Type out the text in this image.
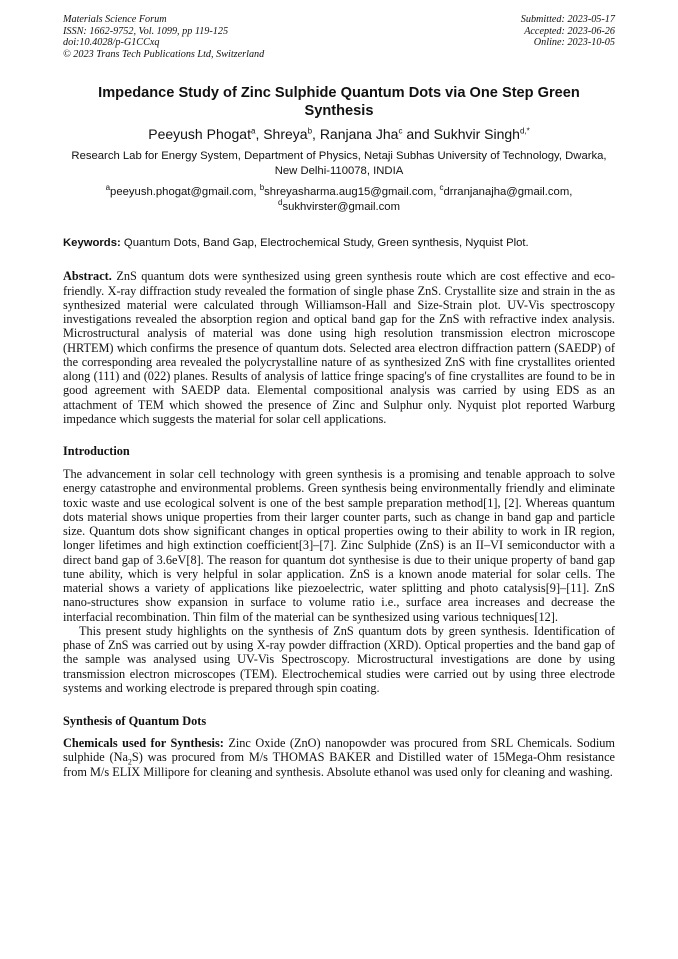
Materials Science Forum
ISSN: 1662-9752, Vol. 1099, pp 119-125
doi:10.4028/p-G1CCxq
© 2023 Trans Tech Publications Ltd, Switzerland
Submitted: 2023-05-17
Accepted: 2023-06-26
Online: 2023-10-05
Impedance Study of Zinc Sulphide Quantum Dots via One Step Green Synthesis
Peeyush Phogat$^a$, Shreya$^b$, Ranjana Jha$^c$ and Sukhvir Singh$^{d,*}$
Research Lab for Energy System, Department of Physics, Netaji Subhas University of Technology, Dwarka, New Delhi-110078, INDIA
$^a$peeyush.phogat@gmail.com, $^b$shreyasharma.aug15@gmail.com, $^c$drranjanajha@gmail.com,
$^d$sukhvirster@gmail.com
Keywords: Quantum Dots, Band Gap, Electrochemical Study, Green synthesis, Nyquist Plot.
Abstract. ZnS quantum dots were synthesized using green synthesis route which are cost effective and eco-friendly. X-ray diffraction study revealed the formation of single phase ZnS. Crystallite size and strain in the as synthesized material were calculated through Williamson-Hall and Size-Strain plot. UV-Vis spectroscopy investigations revealed the absorption region and optical band gap for the ZnS with refractive index analysis. Microstructural analysis of material was done using high resolution transmission electron microscope (HRTEM) which confirms the presence of quantum dots. Selected area electron diffraction pattern (SAEDP) of the corresponding area revealed the polycrystalline nature of as synthesized ZnS with fine crystallites oriented along (111) and (022) planes. Results of analysis of lattice fringe spacing's of fine crystallites are found to be in good agreement with SAEDP data. Elemental compositional analysis was carried by using EDS as an attachment of TEM which showed the presence of Zinc and Sulphur only. Nyquist plot reported Warburg impedance which suggests the material for solar cell applications.
Introduction
The advancement in solar cell technology with green synthesis is a promising and tenable approach to solve energy catastrophe and environmental problems. Green synthesis being environmentally friendly and eliminate toxic waste and use ecological solvent is one of the best sample preparation method[1], [2]. Whereas quantum dots material shows unique properties from their larger counter parts, such as change in band gap and particle size. Quantum dots show significant changes in optical properties owing to their ability to work in IR region, longer lifetimes and high extinction coefficient[3]–[7]. Zinc Sulphide (ZnS) is an II–VI semiconductor with a direct band gap of 3.6eV[8]. The reason for quantum dot synthesise is due to their unique property of band gap tune ability, which is very helpful in solar application. ZnS is a known anode material for solar cells. The material shows a variety of applications like piezoelectric, water splitting and photo catalysis[9]–[11]. ZnS nano-structures show expansion in surface to volume ratio i.e., surface area increases and decrease the interfacial recombination. Thin film of the material can be synthesized using various techniques[12].
This present study highlights on the synthesis of ZnS quantum dots by green synthesis. Identification of phase of ZnS was carried out by using X-ray powder diffraction (XRD). Optical properties and the band gap of the sample was analysed using UV-Vis Spectroscopy. Microstructural investigations are done by using transmission electron microscopes (TEM). Electrochemical studies were carried out by using three electrode systems and working electrode is prepared through spin coating.
Synthesis of Quantum Dots
Chemicals used for Synthesis: Zinc Oxide (ZnO) nanopowder was procured from SRL Chemicals. Sodium sulphide $(Na_2S)$ was procured from M/s THOMAS BAKER and Distilled water of 15Mega-Ohm resistance from M/s ELIX Millipore for cleaning and synthesis. Absolute ethanol was used only for cleaning and washing.
